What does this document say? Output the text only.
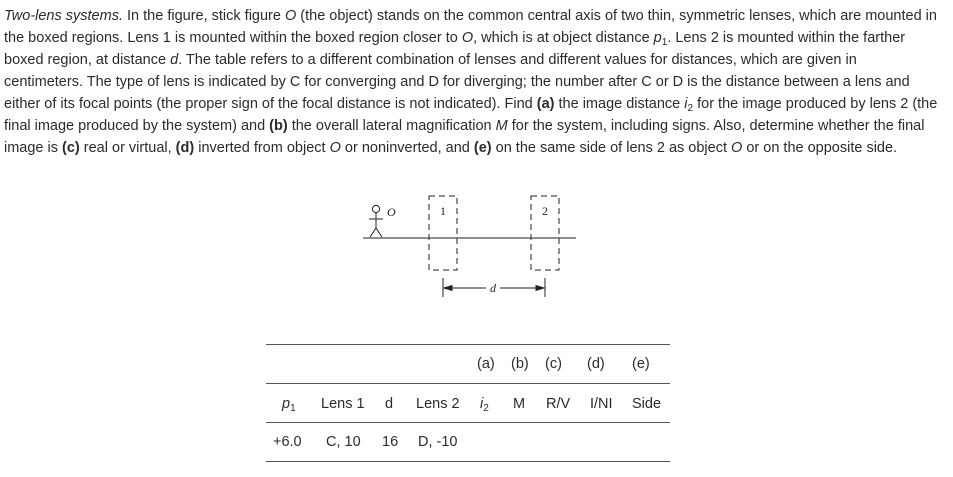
Two-lens systems. In the figure, stick figure O (the object) stands on the common central axis of two thin, symmetric lenses, which are mounted in the boxed regions. Lens 1 is mounted within the boxed region closer to O, which is at object distance $p_1$. Lens 2 is mounted within the farther boxed region, at distance d. The table refers to a different combination of lenses and different values for distances, which are given in centimeters. The type of lens is indicated by C for converging and D for diverging; the number after C or D is the distance between a lens and either of its focal points (the proper sign of the focal distance is not indicated). Find (a) the image distance $i_2$ for the image produced by lens 2 (the final image produced by the system) and (b) the overall lateral magnification M for the system, including signs. Also, determine whether the final image is (c) real or virtual, (d) inverted from object O or noninverted, and (e) on the same side of lens 2 as object O or on the opposite side.
O	1	2
d
(a) (b) (c) (d) (e)
$p_1$ Lens 1 d Lens 2 $i_2$ M R/V I/NI Side
+6.0 C, 10 16 D, -10
